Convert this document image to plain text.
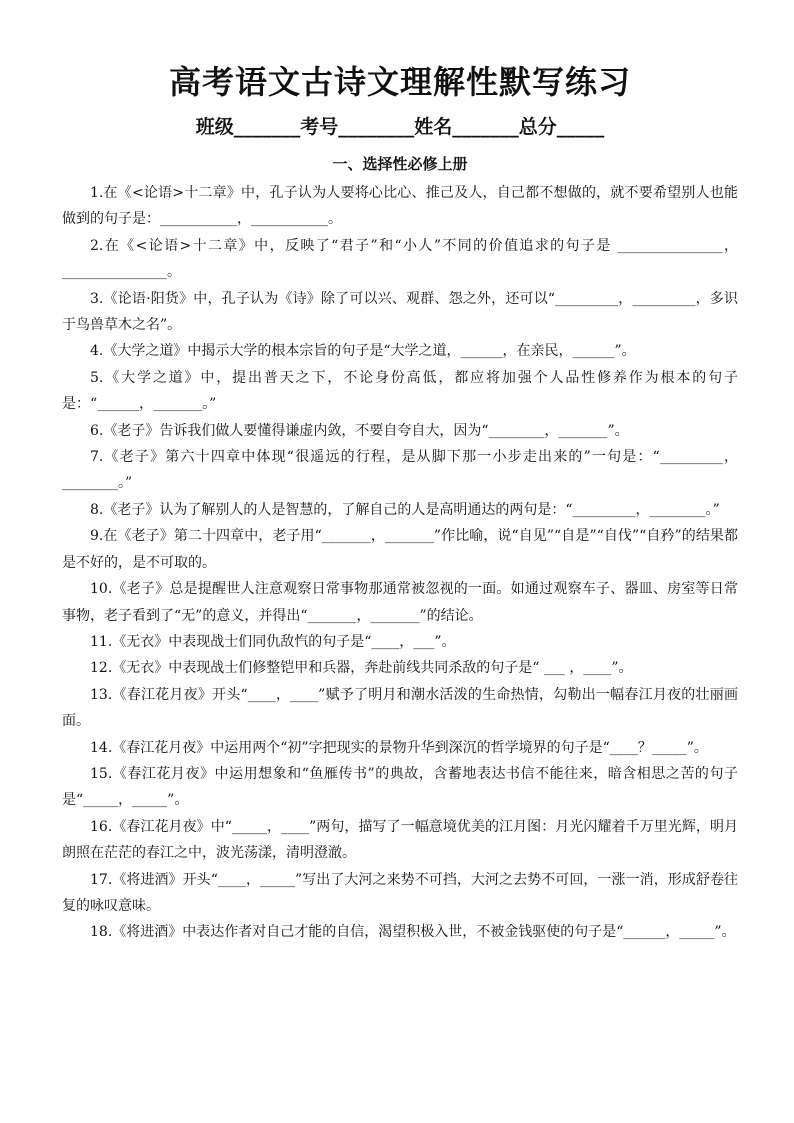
高考语文古诗文理解性默写练习
班级_______考号________姓名_______总分_____
一、选择性必修上册

1.在《<论语>十二章》中，孔子认为人要将心比心、推己及人，自己都不想做的，就不要希望别人也能做到的句子是：___________，___________。

2.在《<论语>十二章》中，反映了“君子”和“小人”不同的价值追求的句子是 _______________，_______________。

3.《论语·阳货》中，孔子认为《诗》除了可以兴、观群、怨之外，还可以“_________，_________，多识于鸟兽草木之名”。

4.《大学之道》中揭示大学的根本宗旨的句子是“大学之道，______，在亲民，______”。

5.《大学之道》中，提出普天之下，不论身份高低，都应将加强个人品性修养作为根本的句子是：“______，_______。”

6.《老子》告诉我们做人要懂得谦虚内敛，不要自夸自大，因为“________，_______”。

7.《老子》第六十四章中体现“很遥远的行程，是从脚下那一小步走出来的”一句是：“_________，________。”

8.《老子》认为了解别人的人是智慧的，了解自己的人是高明通达的两句是：“_________，________。”

9.在《老子》第二十四章中，老子用“_______，_______”作比喻，说“自见”“自是”“自伐”“自矜”的结果都是不好的，是不可取的。

10.《老子》总是提醒世人注意观察日常事物那通常被忽视的一面。如通过观察车子、器皿、房室等日常事物，老子看到了“无”的意义，并得出“_______，_______”的结论。

11.《无衣》中表现战士们同仇敌忾的句子是“____，___”。

12.《无衣》中表现战士们修整铠甲和兵器，奔赴前线共同杀敌的句子是“ ___ ，____”。

13.《春江花月夜》开头“____，____”赋予了明月和潮水活泼的生命热情，勾勒出一幅春江月夜的壮丽画面。

14.《春江花月夜》中运用两个“初”字把现实的景物升华到深沉的哲学境界的句子是“____？_____”。

15.《春江花月夜》中运用想象和“鱼雁传书”的典故，含蓄地表达书信不能往来，暗含相思之苦的句子是“_____，_____”。

16.《春江花月夜》中“_____，____”两句，描写了一幅意境优美的江月图：月光闪耀着千万里光辉，明月朗照在茫茫的春江之中，波光荡漾，清明澄澈。

17.《将进酒》开头“____，_____”写出了大河之来势不可挡，大河之去势不可回，一涨一消，形成舒卷往复的咏叹意味。

18.《将进酒》中表达作者对自己才能的自信，渴望积极入世，不被金钱驱使的句子是“______，_____”。
